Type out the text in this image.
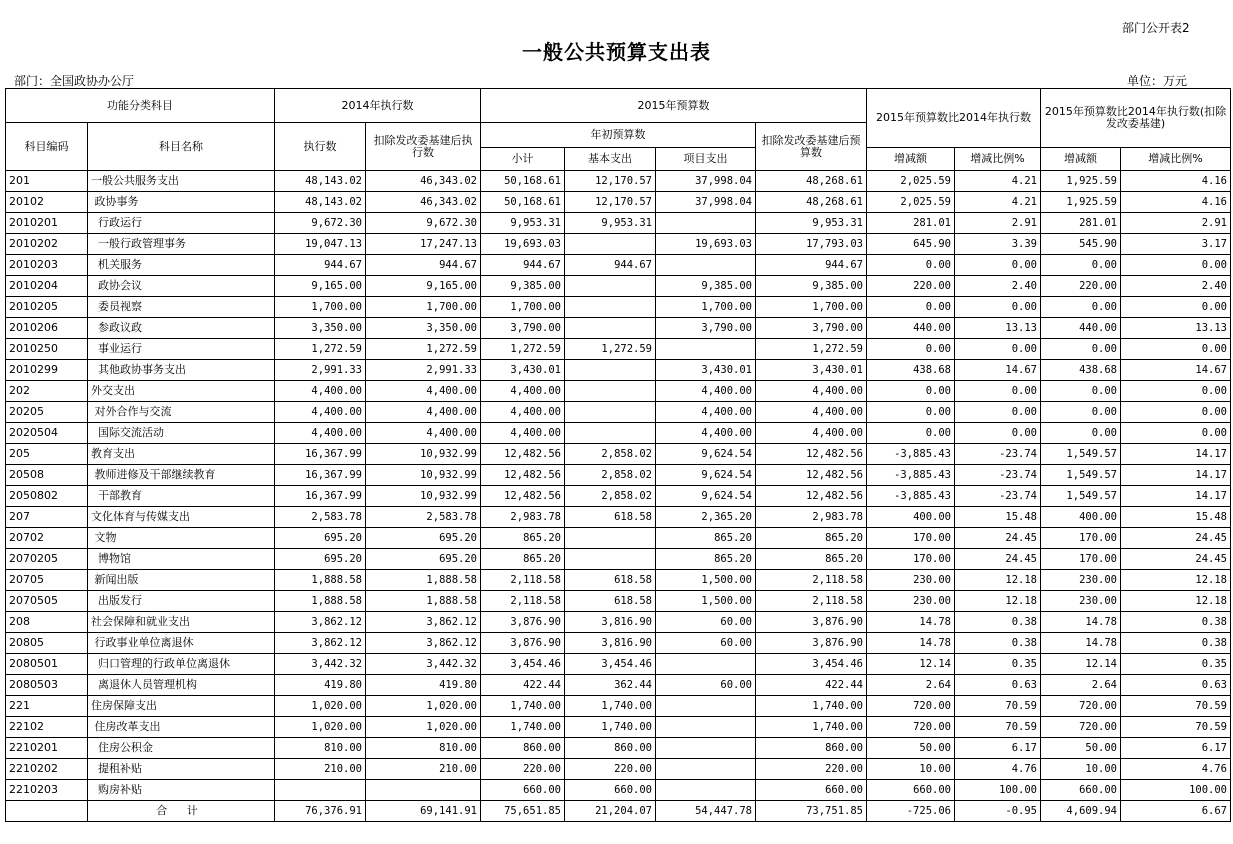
部门公开表2
一般公共预算支出表
部门：全国政协办公厅	单位：万元
功能分类科目		2014年执行数		2015年预算数				2015年预算数比2014年执行数		2015年预算数比2014年执行数(扣除发改委基建)	
科目编码	科目名称	执行数	扣除发改委基建后执行数	年初预算数			扣除发改委基建后预算数				
				小计	基本支出	项目支出		增减额	增减比例%	增减额	增减比例%
201	一般公共服务支出	48,143.02	46,343.02	50,168.61	12,170.57	37,998.04	48,268.61	2,025.59	4.21	1,925.59	4.16
20102	政协事务	48,143.02	46,343.02	50,168.61	12,170.57	37,998.04	48,268.61	2,025.59	4.21	1,925.59	4.16
2010201	行政运行	9,672.30	9,672.30	9,953.31	9,953.31		9,953.31	281.01	2.91	281.01	2.91
2010202	一般行政管理事务	19,047.13	17,247.13	19,693.03		19,693.03	17,793.03	645.90	3.39	545.90	3.17
2010203	机关服务	944.67	944.67	944.67	944.67		944.67	0.00	0.00	0.00	0.00
2010204	政协会议	9,165.00	9,165.00	9,385.00		9,385.00	9,385.00	220.00	2.40	220.00	2.40
2010205	委员视察	1,700.00	1,700.00	1,700.00		1,700.00	1,700.00	0.00	0.00	0.00	0.00
2010206	参政议政	3,350.00	3,350.00	3,790.00		3,790.00	3,790.00	440.00	13.13	440.00	13.13
2010250	事业运行	1,272.59	1,272.59	1,272.59	1,272.59		1,272.59	0.00	0.00	0.00	0.00
2010299	其他政协事务支出	2,991.33	2,991.33	3,430.01		3,430.01	3,430.01	438.68	14.67	438.68	14.67
202	外交支出	4,400.00	4,400.00	4,400.00		4,400.00	4,400.00	0.00	0.00	0.00	0.00
20205	对外合作与交流	4,400.00	4,400.00	4,400.00		4,400.00	4,400.00	0.00	0.00	0.00	0.00
2020504	国际交流活动	4,400.00	4,400.00	4,400.00		4,400.00	4,400.00	0.00	0.00	0.00	0.00
205	教育支出	16,367.99	10,932.99	12,482.56	2,858.02	9,624.54	12,482.56	-3,885.43	-23.74	1,549.57	14.17
20508	教师进修及干部继续教育	16,367.99	10,932.99	12,482.56	2,858.02	9,624.54	12,482.56	-3,885.43	-23.74	1,549.57	14.17
2050802	干部教育	16,367.99	10,932.99	12,482.56	2,858.02	9,624.54	12,482.56	-3,885.43	-23.74	1,549.57	14.17
207	文化体育与传媒支出	2,583.78	2,583.78	2,983.78	618.58	2,365.20	2,983.78	400.00	15.48	400.00	15.48
20702	文物	695.20	695.20	865.20		865.20	865.20	170.00	24.45	170.00	24.45
2070205	博物馆	695.20	695.20	865.20		865.20	865.20	170.00	24.45	170.00	24.45
20705	新闻出版	1,888.58	1,888.58	2,118.58	618.58	1,500.00	2,118.58	230.00	12.18	230.00	12.18
2070505	出版发行	1,888.58	1,888.58	2,118.58	618.58	1,500.00	2,118.58	230.00	12.18	230.00	12.18
208	社会保障和就业支出	3,862.12	3,862.12	3,876.90	3,816.90	60.00	3,876.90	14.78	0.38	14.78	0.38
20805	行政事业单位离退休	3,862.12	3,862.12	3,876.90	3,816.90	60.00	3,876.90	14.78	0.38	14.78	0.38
2080501	归口管理的行政单位离退休	3,442.32	3,442.32	3,454.46	3,454.46		3,454.46	12.14	0.35	12.14	0.35
2080503	离退休人员管理机构	419.80	419.80	422.44	362.44	60.00	422.44	2.64	0.63	2.64	0.63
221	住房保障支出	1,020.00	1,020.00	1,740.00	1,740.00		1,740.00	720.00	70.59	720.00	70.59
22102	住房改革支出	1,020.00	1,020.00	1,740.00	1,740.00		1,740.00	720.00	70.59	720.00	70.59
2210201	住房公积金	810.00	810.00	860.00	860.00		860.00	50.00	6.17	50.00	6.17
2210202	提租补贴	210.00	210.00	220.00	220.00		220.00	10.00	4.76	10.00	4.76
2210203	购房补贴			660.00	660.00		660.00	660.00	100.00	660.00	100.00
	合 计	76,376.91	69,141.91	75,651.85	21,204.07	54,447.78	73,751.85	-725.06	-0.95	4,609.94	6.67
